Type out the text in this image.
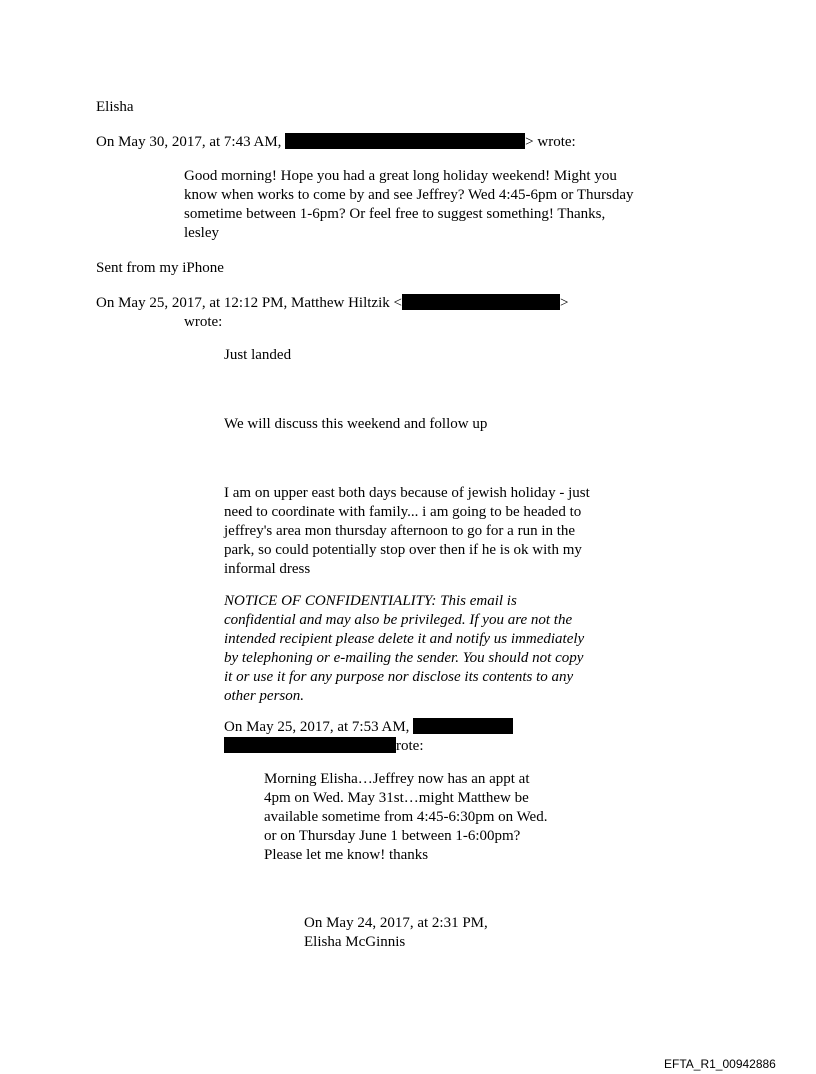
Elisha

On May 30, 2017, at 7:43 AM,	> wrote:

Good morning! Hope you had a great long holiday weekend! Might you know when works to come by and see Jeffrey? Wed 4:45-6pm or Thursday sometime between 1-6pm? Or feel free to suggest something! Thanks, lesley

Sent from my iPhone

On May 25, 2017, at 12:12 PM, Matthew Hiltzik <	>

wrote:

Just landed

We will discuss this weekend and follow up

I am on upper east both days because of jewish holiday - just need to coordinate with family... i am going to be headed to jeffrey's area mon thursday afternoon to go for a run in the park, so could potentially stop over then if he is ok with my informal dress

NOTICE OF CONFIDENTIALITY: This email is confidential and may also be privileged. If you are not the intended recipient please delete it and notify us immediately by telephoning or e-mailing the sender. You should not copy it or use it for any purpose nor disclose its contents to any other person.

On May 25, 2017, at 7:53 AM,
rote:

Morning Elisha…Jeffrey now has an appt at 4pm on Wed. May 31st…might Matthew be available sometime from 4:45-6:30pm on Wed. or on Thursday June 1 between 1-6:00pm? Please let me know! thanks

On May 24, 2017, at 2:31 PM,

Elisha McGinnis

EFTA_R1_00942886
